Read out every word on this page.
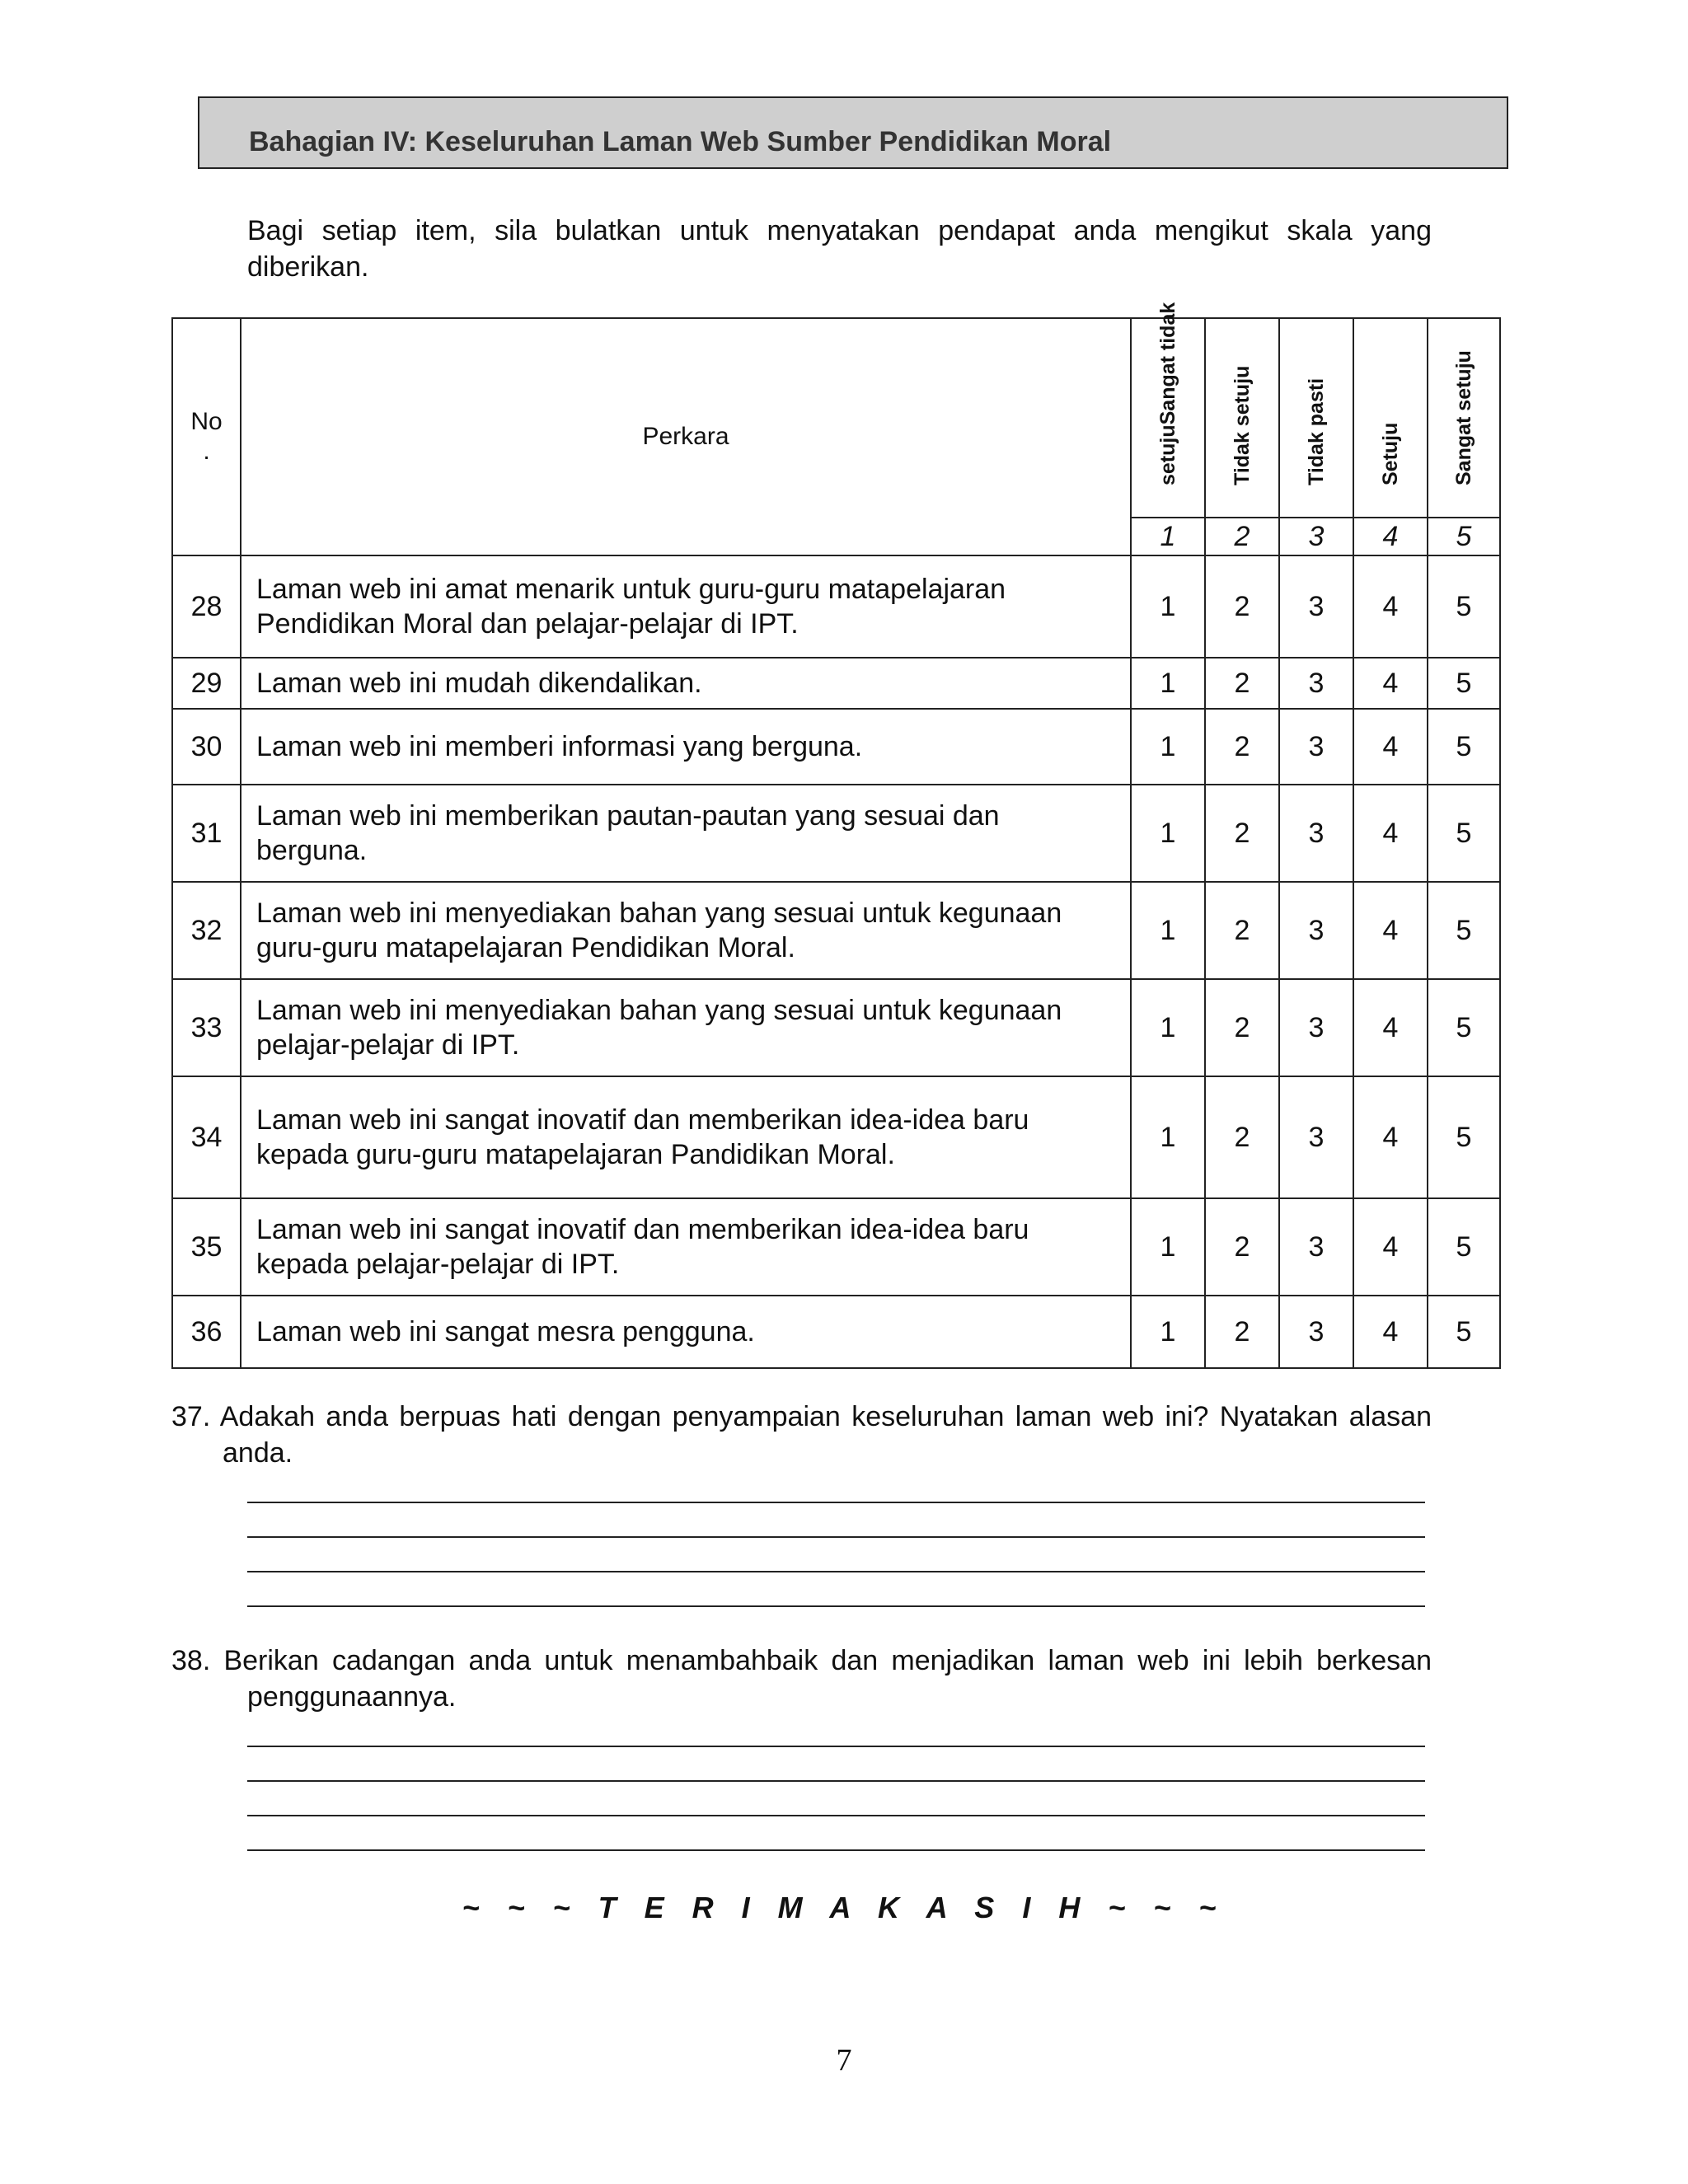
Bahagian IV: Keseluruhan Laman Web Sumber Pendidikan Moral
Bagi setiap item, sila bulatkan untuk menyatakan pendapat anda mengikut skala yang diberikan.
No
.	Perkara	setujuSangat tidak	Tidak setuju	Tidak pasti	Setuju	Sangat setuju

		1	2	3	4	5
28	Laman web ini amat menarik untuk guru-guru matapelajaran Pendidikan Moral dan pelajar-pelajar di IPT.	1	2	3	4	5
29	Laman web ini mudah dikendalikan.	1	2	3	4	5
30	Laman web ini memberi informasi yang berguna.	1	2	3	4	5
31	Laman web ini memberikan pautan-pautan yang sesuai dan berguna.	1	2	3	4	5
32	Laman web ini menyediakan bahan yang sesuai untuk kegunaan guru-guru matapelajaran Pendidikan Moral.	1	2	3	4	5
33	Laman web ini menyediakan bahan yang sesuai untuk kegunaan pelajar-pelajar di IPT.	1	2	3	4	5
34	Laman web ini sangat inovatif dan memberikan idea-idea baru kepada guru-guru matapelajaran Pandidikan Moral.	1	2	3	4	5
35	Laman web ini sangat inovatif dan memberikan idea-idea baru kepada pelajar-pelajar di IPT.	1	2	3	4	5
36	Laman web ini sangat mesra pengguna.	1	2	3	4	5
37. Adakah anda berpuas hati dengan penyampaian keseluruhan laman web ini? Nyatakan alasan anda.
38. Berikan cadangan anda untuk menambahbaik dan menjadikan laman web ini lebih berkesan penggunaannya.
~ ~ ~ T E R I M A K A S I H ~ ~ ~
7
